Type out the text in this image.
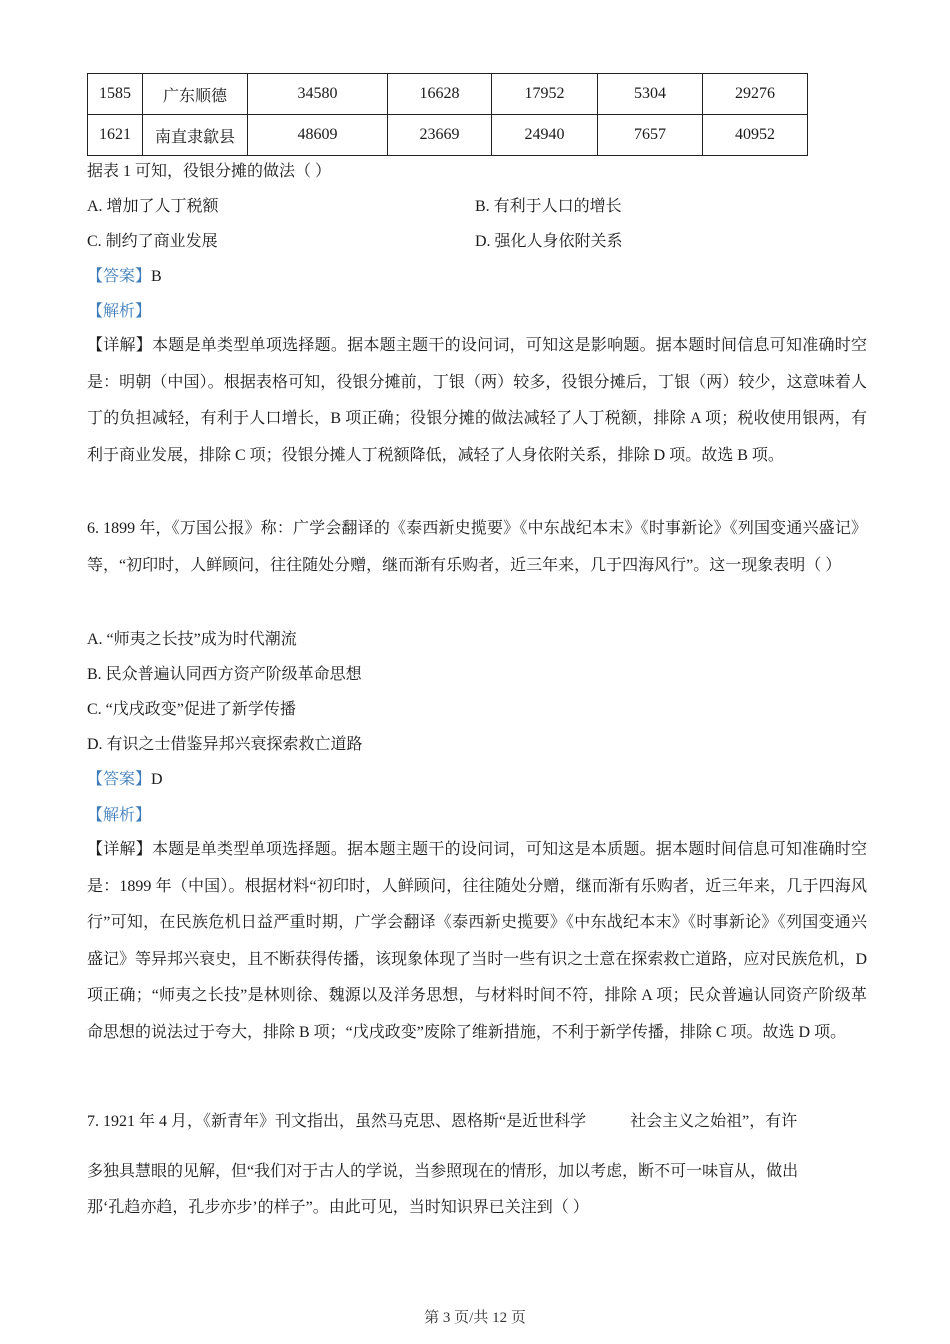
1585	广东顺德	34580	16628	17952	5304	29276
1621	南直隶歙县	48609	23669	24940	7657	40952
据表 1 可知，役银分摊的做法（ ）
A. 增加了人丁税额	B. 有利于人口的增长
C. 制约了商业发展	D. 强化人身依附关系
【答案】B
【解析】
【详解】本题是单类型单项选择题。据本题主题干的设问词，可知这是影响题。据本题时间信息可知准确时空是：明朝（中国）。根据表格可知，役银分摊前，丁银（两）较多，役银分摊后，丁银（两）较少，这意味着人丁的负担减轻，有利于人口增长，B 项正确；役银分摊的做法减轻了人丁税额，排除 A 项；税收使用银两，有利于商业发展，排除 C 项；役银分摊人丁税额降低，减轻了人身依附关系，排除 D 项。故选 B 项。
6. 1899 年，《万国公报》称：广学会翻译的《泰西新史揽要》《中东战纪本末》《时事新论》《列国变通兴盛记》等，“初印时，人鲜顾问，往往随处分赠，继而渐有乐购者，近三年来，几于四海风行”。这一现象表明（ ）
A. “师夷之长技”成为时代潮流
B. 民众普遍认同西方资产阶级革命思想
C. “戊戌政变”促进了新学传播
D. 有识之士借鉴异邦兴衰探索救亡道路
【答案】D
【解析】
【详解】本题是单类型单项选择题。据本题主题干的设问词，可知这是本质题。据本题时间信息可知准确时空是：1899 年（中国）。根据材料“初印时，人鲜顾问，往往随处分赠，继而渐有乐购者，近三年来，几于四海风行”可知，在民族危机日益严重时期，广学会翻译《泰西新史揽要》《中东战纪本末》《时事新论》《列国变通兴盛记》等异邦兴衰史，且不断获得传播，该现象体现了当时一些有识之士意在探索救亡道路，应对民族危机，D 项正确；“师夷之长技”是林则徐、魏源以及洋务思想，与材料时间不符，排除 A 项；民众普遍认同资产阶级革命思想的说法过于夸大，排除 B 项；“戊戌政变”废除了维新措施，不利于新学传播，排除 C 项。故选 D 项。
7. 1921 年 4 月，《新青年》刊文指出，虽然马克思、恩格斯“是近世科学	社会主义之始祖”，有许
多独具慧眼的见解，但“我们对于古人的学说，当参照现在的情形，加以考虑，断不可一味盲从，做出
那‘孔趋亦趋，孔步亦步’的样子”。由此可见，当时知识界已关注到（ ）
第 3 页/共 12 页
